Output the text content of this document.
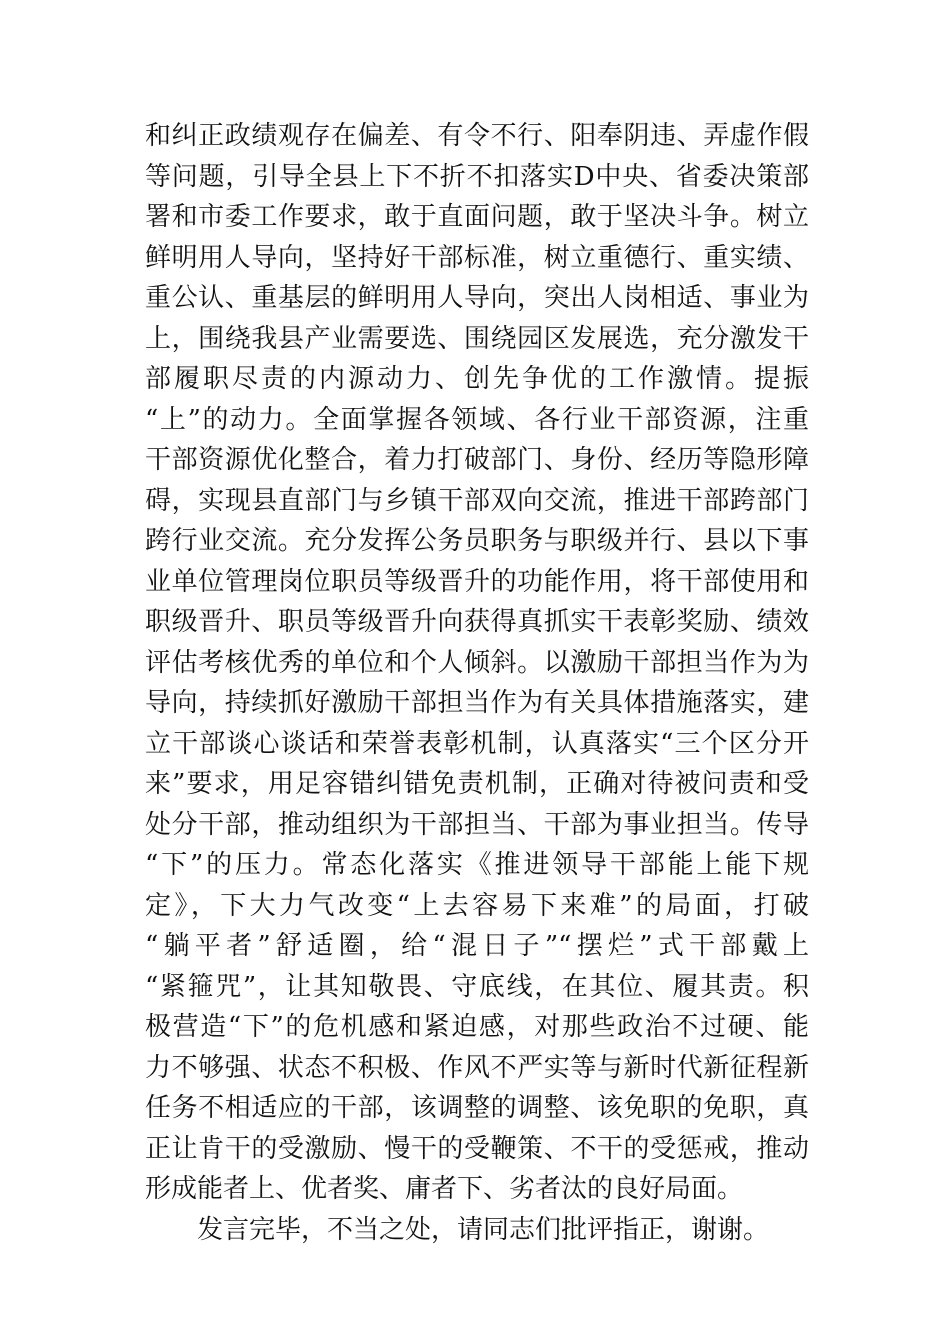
和纠正政绩观存在偏差、有令不行、阳奉阴违、弄虚作假
等问题，引导全县上下不折不扣落实D中央、省委决策部
署和市委工作要求，敢于直面问题，敢于坚决斗争。树立
鲜明用人导向，坚持好干部标准，树立重德行、重实绩、
重公认、重基层的鲜明用人导向，突出人岗相适、事业为
上，围绕我县产业需要选、围绕园区发展选，充分激发干
部履职尽责的内源动力、创先争优的工作激情。提振
“上”的动力。全面掌握各领域、各行业干部资源，注重
干部资源优化整合，着力打破部门、身份、经历等隐形障
碍，实现县直部门与乡镇干部双向交流，推进干部跨部门
跨行业交流。充分发挥公务员职务与职级并行、县以下事
业单位管理岗位职员等级晋升的功能作用，将干部使用和
职级晋升、职员等级晋升向获得真抓实干表彰奖励、绩效
评估考核优秀的单位和个人倾斜。以激励干部担当作为为
导向，持续抓好激励干部担当作为有关具体措施落实，建
立干部谈心谈话和荣誉表彰机制，认真落实“三个区分开
来”要求，用足容错纠错免责机制，正确对待被问责和受
处分干部，推动组织为干部担当、干部为事业担当。传导
“下”的压力。常态化落实《推进领导干部能上能下规
定》，下大力气改变“上去容易下来难”的局面，打破
“躺平者”舒适圈，给“混日子”“摆烂”式干部戴上
“紧箍咒”，让其知敬畏、守底线，在其位、履其责。积
极营造“下”的危机感和紧迫感，对那些政治不过硬、能
力不够强、状态不积极、作风不严实等与新时代新征程新
任务不相适应的干部，该调整的调整、该免职的免职，真
正让肯干的受激励、慢干的受鞭策、不干的受惩戒，推动
形成能者上、优者奖、庸者下、劣者汰的良好局面。
发言完毕，不当之处，请同志们批评指正，谢谢。
